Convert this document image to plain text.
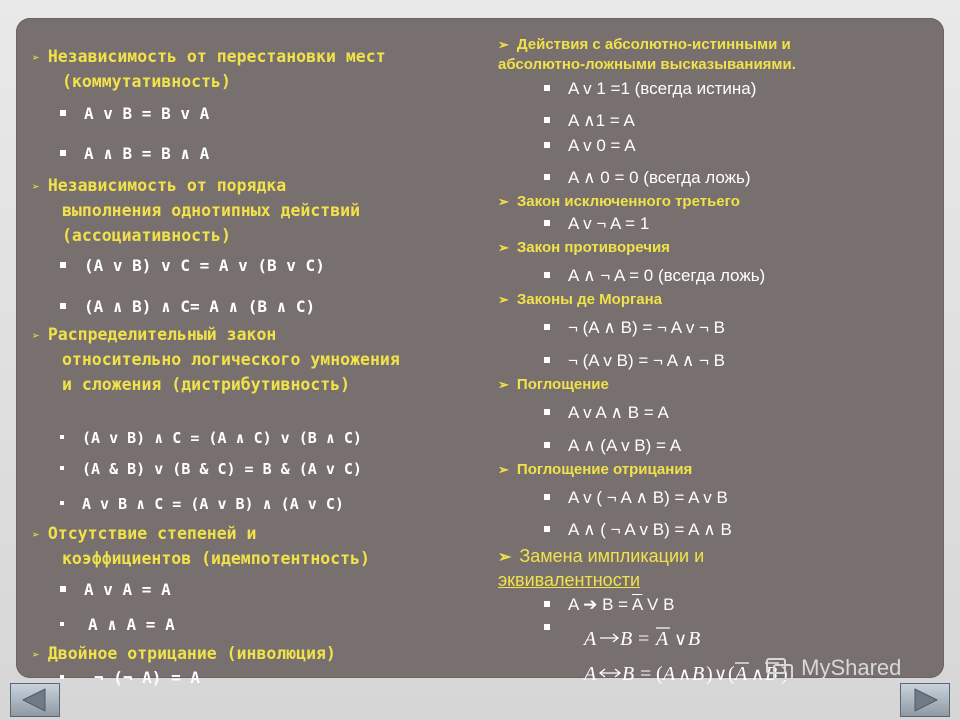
➢ Независимость от перестановки мест
(коммутативность)
A v B = B v A
A ∧ B = B ∧ A
➢ Независимость от порядка
выполнения однотипных действий
(ассоциативность)
(A v B) v C = A v (B v C)
(A ∧ B) ∧ C= A ∧ (B ∧ C)
➢ Распределительный закон
относительно логического умножения
и сложения (дистрибутивность)
(A v B) ∧ C = (A ∧ C) v (B ∧ C)
(A & B) v (B & C) = B & (A v C)
A v B ∧ C = (A v B) ∧ (A v C)
➢ Отсутствие степеней и
коэффициентов (идемпотентность)
A v A = A
A ∧ A = A
➢ Двойное отрицание (инволюция)
¬ (¬ A) = A
➢ Действия с абсолютно-истинными и
абсолютно-ложными высказываниями.
A v 1 =1 (всегда истина)
A ∧1 = A
A v 0 = A
A ∧ 0 = 0 (всегда ложь)
➢ Закон исключенного третьего
A v ¬ A = 1
➢ Закон противоречия
A ∧ ¬ A = 0 (всегда ложь)
➢ Законы де Моргана
¬ (A ∧ B) = ¬ A v ¬ B
¬ (A v B) = ¬ A ∧ ¬ B
➢ Поглощение
A v A ∧ B = A
A ∧ (A v B) = A
➢ Поглощение отрицания
A v ( ¬ A ∧ B) = A v B
A ∧ ( ¬ A v B) = A ∧ B
➢ Замена импликации и
эквивалентности
A ➔ $B = \overline{A}$ V B
A B = A ∨ B
A B = ( A ∧ B ) ∨ ( A ∧ B ) MyShared
